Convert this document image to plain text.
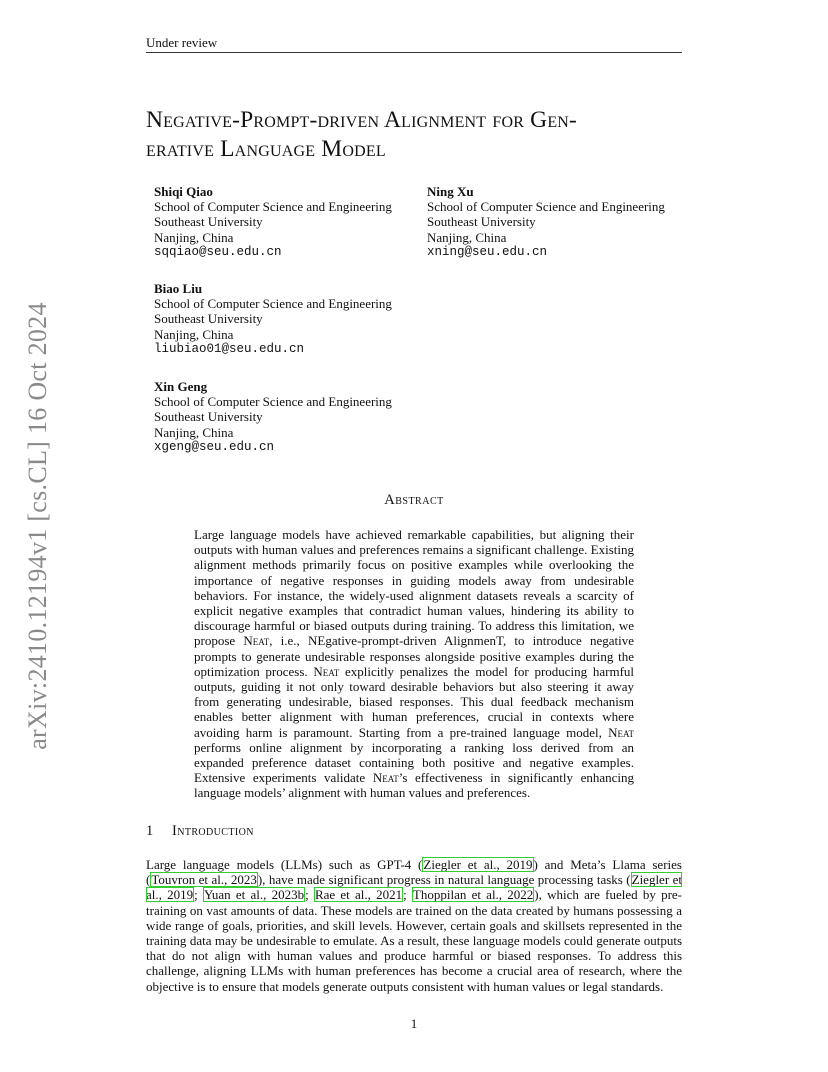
Under review
arXiv:2410.12194v1 [cs.CL] 16 Oct 2024
Negative-Prompt-driven Alignment for Gen-
erative Language Model
Shiqi Qiao
School of Computer Science and Engineering
Southeast University
Nanjing, China
sqqiao@seu.edu.cn
Ning Xu
School of Computer Science and Engineering
Southeast University
Nanjing, China
xning@seu.edu.cn
Biao Liu
School of Computer Science and Engineering
Southeast University
Nanjing, China
liubiao01@seu.edu.cn
Xin Geng
School of Computer Science and Engineering
Southeast University
Nanjing, China
xgeng@seu.edu.cn
Abstract
Large language models have achieved remarkable capabilities, but aligning their outputs with human values and preferences remains a significant challenge. Existing alignment methods primarily focus on positive examples while overlooking the importance of negative responses in guiding models away from undesirable behaviors. For instance, the widely-used alignment datasets reveals a scarcity of explicit negative examples that contradict human values, hindering its ability to discourage harmful or biased outputs during training. To address this limitation, we propose Neat, i.e., NEgative-prompt-driven AlignmenT, to introduce negative prompts to generate undesirable responses alongside positive examples during the optimization process. Neat explicitly penalizes the model for producing harmful outputs, guiding it not only toward desirable behaviors but also steering it away from generating undesirable, biased responses. This dual feedback mechanism enables better alignment with human preferences, crucial in contexts where avoiding harm is paramount. Starting from a pre-trained language model, Neat performs online alignment by incorporating a ranking loss derived from an expanded preference dataset containing both positive and negative examples. Extensive experiments validate Neat’s effectiveness in significantly enhancing language models’ alignment with human values and preferences.
1 Introduction
Large language models (LLMs) such as GPT-4 (Ziegler et al., 2019) and Meta’s Llama series (Touvron et al., 2023), have made significant progress in natural language processing tasks (Ziegler et al., 2019; Yuan et al., 2023b; Rae et al., 2021; Thoppilan et al., 2022), which are fueled by pre-training on vast amounts of data. These models are trained on the data created by humans possessing a wide range of goals, priorities, and skill levels. However, certain goals and skillsets represented in the training data may be undesirable to emulate. As a result, these language models could generate outputs that do not align with human values and produce harmful or biased responses. To address this challenge, aligning LLMs with human preferences has become a crucial area of research, where the objective is to ensure that models generate outputs consistent with human values or legal standards.
1
